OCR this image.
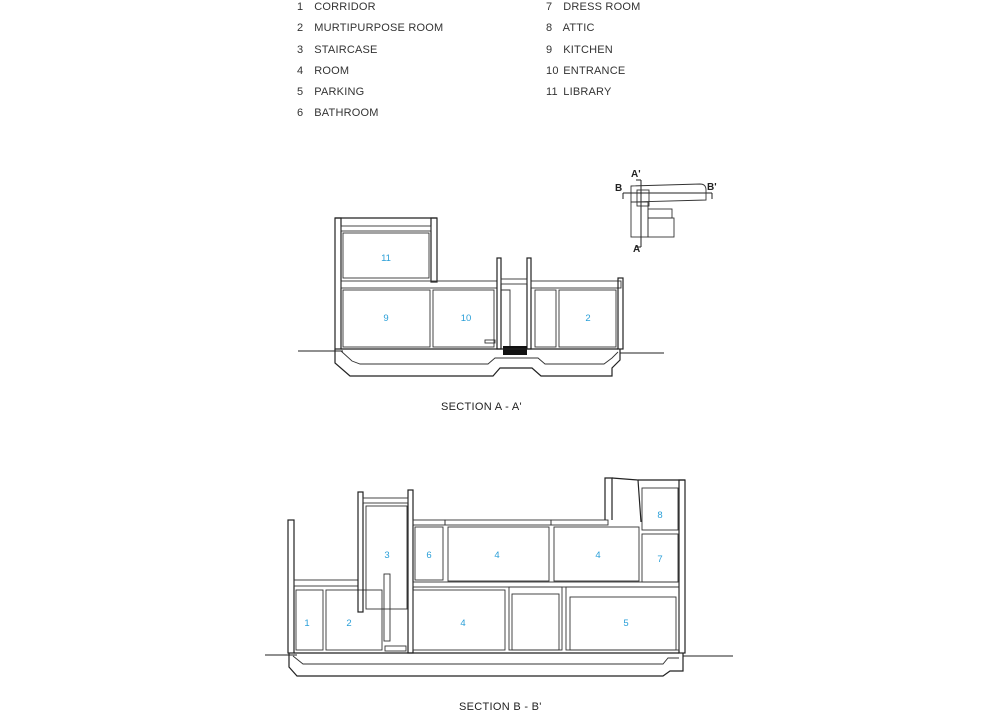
1 CORRIDOR
2 MURTIPURPOSE ROOM
3 STAIRCASE
4 ROOM
5 PARKING
6 BATHROOM
7 DRESS ROOM
8 ATTIC
9 KITCHEN
10 ENTRANCE
11 LIBRARY
A'
B	B'
A
11
9	10	2
SECTION A - A'
1	2
3	6	4	4
4	5
8
7
SECTION B - B'
